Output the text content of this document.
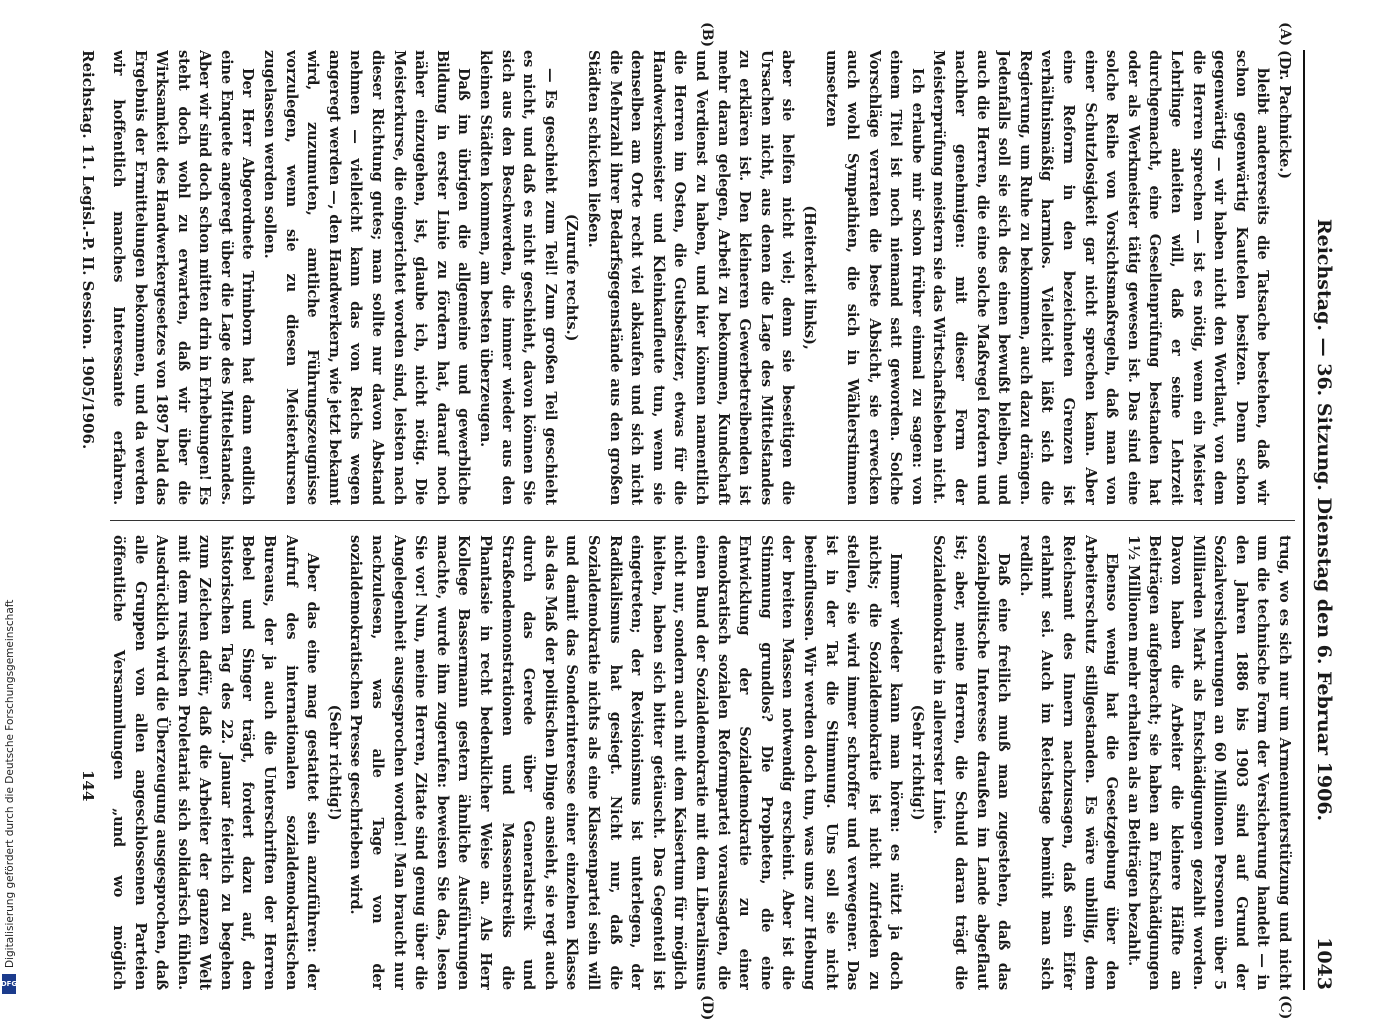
Reichstag. — 36. Sitzung. Dienstag den 6. Februar 1906.
1043

(Dr. Pachnicke.)

bleibt andererseits die Tatsache bestehen, daß wir schon gegenwärtig Kautelen besitzen. Denn schon gegenwärtig — wir haben nicht den Wortlaut, von dem die Herren sprechen — ist es nötig, wenn ein Meister Lehrlinge anleiten will, daß er seine Lehrzeit durchgemacht, eine Gesellenprüfung bestanden hat oder als Werkmeister tätig gewesen ist. Das sind eine solche Reihe von Vorsichtsmaßregeln, daß man von einer Schutzlosigkeit gar nicht sprechen kann. Aber eine Reform in den bezeichneten Grenzen ist verhältnismäßig harmlos. Vielleicht läßt sich die Regierung, um Ruhe zu bekommen, auch dazu drängen. Jedenfalls soll sie sich des einen bewußt bleiben, und auch die Herren, die eine solche Maßregel fordern und nachher genehmigen: mit dieser Form der Meisterprüfung meistern sie das Wirtschaftsleben nicht.

Ich erlaube mir schon früher einmal zu sagen: von einem Titel ist noch niemand satt geworden. Solche Vorschläge verraten die beste Absicht, sie erwecken auch wohl Sympathien, die sich in Wählerstimmen umsetzen

(Heiterkeit links),

aber sie helfen nicht viel; denn sie beseitigen die Ursachen nicht, aus denen die Lage des Mittelstandes zu erklären ist. Den kleineren Gewerbetreibenden ist mehr daran gelegen, Arbeit zu bekommen, Kundschaft und Verdienst zu haben, und hier können namentlich die Herren im Osten, die Gutsbesitzer, etwas für die Handwerksmeister und Kleinkaufleute tun, wenn sie denselben am Orte recht viel abkaufen und sich nicht die Mehrzahl ihrer Bedarfsgegenstände aus den großen Städten schicken ließen.

(Zurufe rechts.)

— Es geschieht zum Teil! Zum großen Teil geschieht es nicht, und daß es nicht geschieht, davon können Sie sich aus den Beschwerden, die immer wieder aus den kleinen Städten kommen, am besten überzeugen.

Daß im übrigen die allgemeine und gewerbliche Bildung in erster Linie zu fördern hat, darauf noch näher einzugehen, ist, glaube ich, nicht nötig. Die Meisterkurse, die eingerichtet worden sind, leisten nach dieser Richtung gutes; man sollte nur davon Abstand nehmen — vielleicht kann das von Reichs wegen angeregt werden —, den Handwerkern, wie jetzt bekannt wird, zuzumuten, amtliche Führungszeugnisse vorzulegen, wenn sie zu diesen Meisterkursen zugelassen werden sollen.

Der Herr Abgeordnete Trimborn hat dann endlich eine Enquete angeregt über die Lage des Mittelstandes. Aber wir sind doch schon mitten drin in Erhebungen! Es steht doch wohl zu erwarten, daß wir über die Wirksamkeit des Handwerkergesetzes von 1897 bald das Ergebnis der Ermittelungen bekommen, und da werden wir hoffentlich manches Interessante erfahren.

trug, wo es sich nur um Armenunterstützung und nicht um die technische Form der Versicherung handelt — in den Jahren 1886 bis 1903 sind auf Grund der Sozialversicherungen an 60 Millionen Personen über 5 Milliarden Mark als Entschädigungen gezahlt worden. Davon haben die Arbeiter die kleinere Hälfte an Beiträgen aufgebracht; sie haben an Entschädigungen 1½ Millionen mehr erhalten als an Beiträgen bezahlt.

Ebenso wenig hat die Gesetzgebung über den Arbeiterschutz stillgestanden. Es wäre unbillig, dem Reichsamt des Innern nachzusagen, daß sein Eifer erlahmt sei. Auch im Reichstage bemüht man sich redlich.

Daß eine freilich muß man zugestehen, daß das sozialpolitische Interesse draußen im Lande abgeflaut ist; aber, meine Herren, die Schuld daran trägt die Sozialdemokratie in allererster Linie.

(Sehr richtig!)

Immer wieder kann man hören: es nützt ja doch nichts; die Sozialdemokratie ist nicht zufrieden zu stellen, sie wird immer schroffer und verwegener. Das ist in der Tat die Stimmung. Uns soll sie nicht beeinflussen. Wir werden doch tun, was uns zur Hebung der breiten Massen notwendig erscheint. Aber ist die Stimmung grundlos? Die Propheten, die eine Entwicklung der Sozialdemokratie zu einer demokratisch sozialen Reformpartei voraussagten, die einen Bund der Sozialdemokratie mit dem Liberalismus nicht nur, sondern auch mit dem Kaisertum für möglich hielten, haben sich bitter getäuscht. Das Gegenteil ist eingetreten; der Revisionismus ist unterlegen, der Radikalismus hat gesiegt. Nicht nur, daß die Sozialdemokratie nichts als eine Klassenpartei sein will und damit das Sonderinteresse einer einzelnen Klasse als das Maß der politischen Dinge ansieht, sie regt auch durch das Gerede über Generalstreik und Straßendemonstrationen und Massenstreiks die Phantasie in recht bedenklicher Weise an. Als Herr Kollege Bassermann gestern ähnliche Ausführungen machte, wurde ihm zugerufen: beweisen Sie das, lesen Sie vor! Nun, meine Herren, Zitate sind genug über die Angelegenheit ausgesprochen worden! Man braucht nur nachzulesen, was alle Tage von der sozialdemokratischen Presse geschrieben wird.

(Sehr richtig!)

Aber das eine mag gestattet sein anzuführen: der Aufruf des internationalen sozialdemokratischen Bureaus, der ja auch die Unterschriften der Herren Bebel und Singer trägt, fordert dazu auf, den historischen Tag des 22. Januar feierlich zu begehen zum Zeichen dafür, daß die Arbeiter der ganzen Welt mit dem russischen Proletariat sich solidarisch fühlen. Ausdrücklich wird die Überzeugung ausgesprochen, daß alle Gruppen von allen angeschlossenen Parteien öffentliche Versammlungen „und wo möglich

(A)
(B)
(C)
(D)
Reichstag. 11. Legisl.-P. II. Session. 1905/1906.
144
Digitalisierung gefördert durch die Deutsche Forschungsgemeinschaft
DFG
